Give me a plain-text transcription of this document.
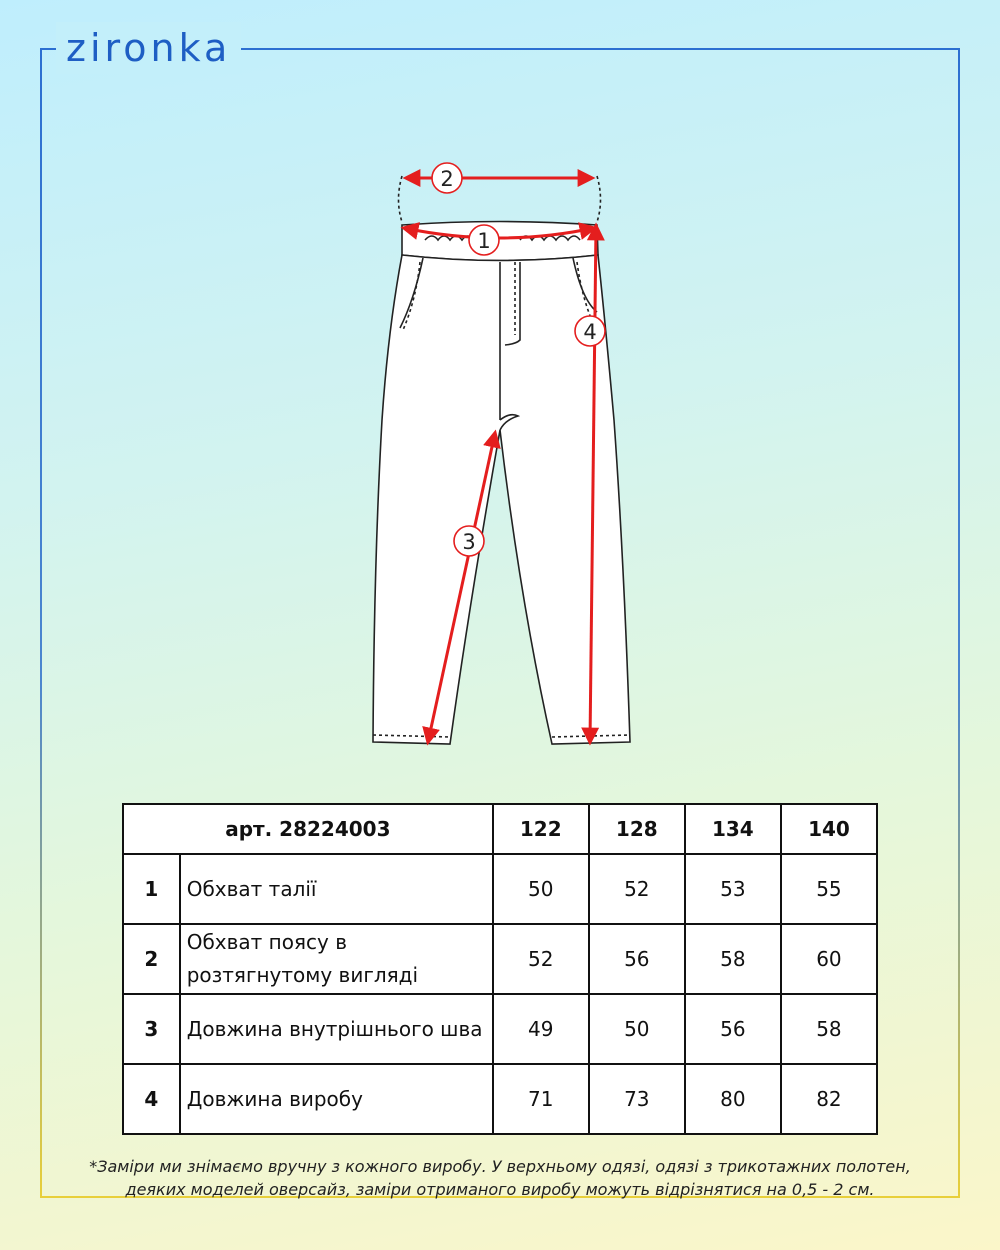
zironka
2
1
4
3
арт. 28224003		122	128	134	140
1	Обхват талії	50	52	53	55
2	Обхват поясу в розтягнутому вигляді	52	56	58	60
3	Довжина внутрішнього шва	49	50	56	58
4	Довжина виробу	71	73	80	82
*Заміри ми знімаємо вручну з кожного виробу. У верхньому одязі, одязі з трикотажних полотен,
деяких моделей оверсайз, заміри отриманого виробу можуть відрізнятися на 0,5 - 2 см.
